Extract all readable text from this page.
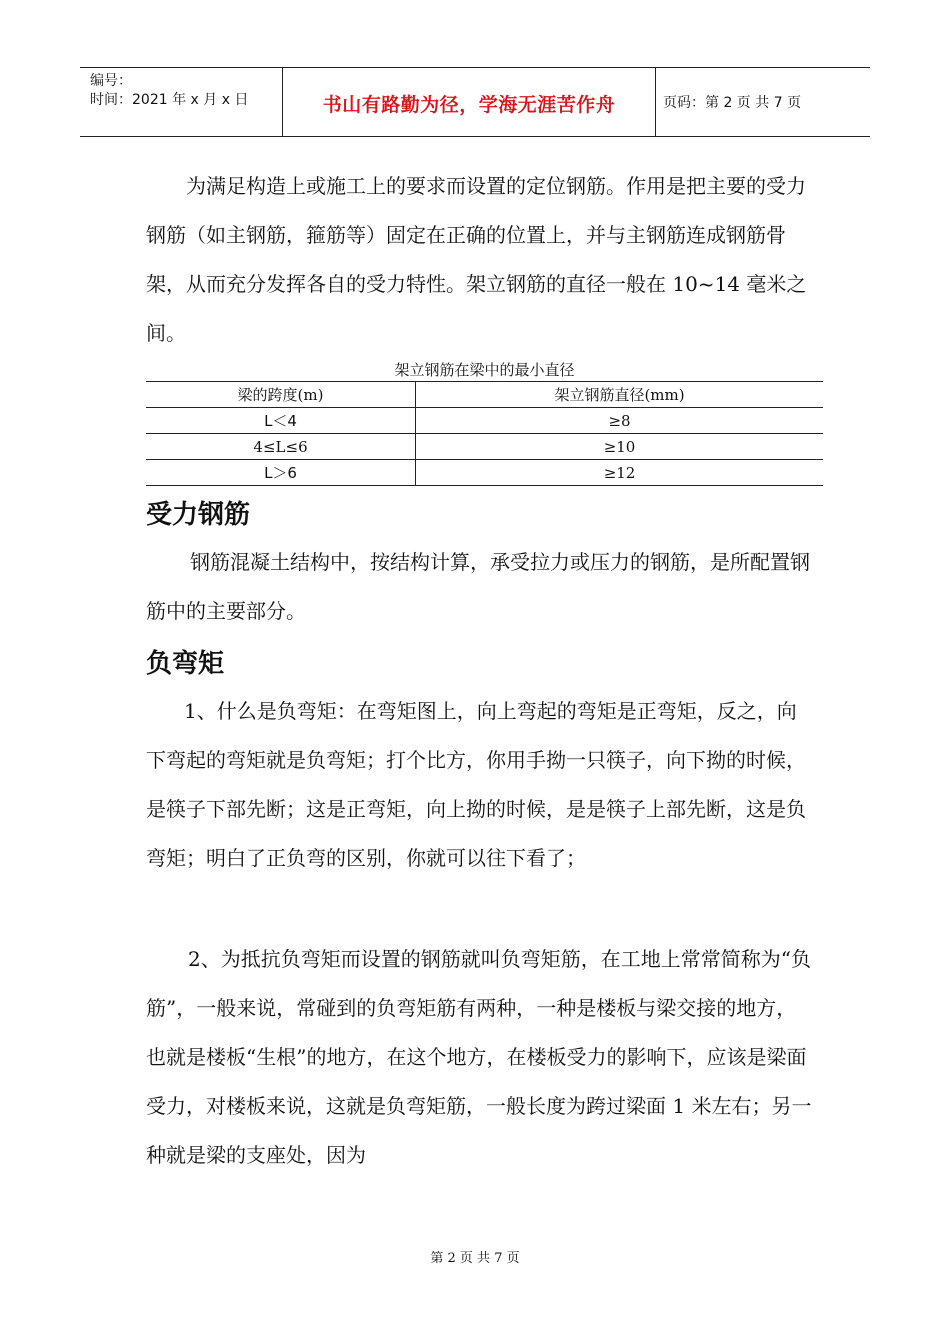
编号：
时间：2021 年 x 月 x 日	书山有路勤为径，学海无涯苦作舟	页码：第 2 页 共 7 页

为满足构造上或施工上的要求而设置的定位钢筋。作用是把主要的受力钢筋（如主钢筋，箍筋等）固定在正确的位置上，并与主钢筋连成钢筋骨架，从而充分发挥各自的受力特性。架立钢筋的直径一般在 10~14 毫米之间。

架立钢筋在梁中的最小直径
梁的跨度(m)	架立钢筋直径(mm)
L＜4	≥8
4≤L≤6	≥10
L＞6	≥12
受力钢筋

钢筋混凝土结构中，按结构计算，承受拉力或压力的钢筋，是所配置钢筋中的主要部分。

负弯矩

1、什么是负弯矩：在弯矩图上，向上弯起的弯矩是正弯矩，反之，向下弯起的弯矩就是负弯矩；打个比方，你用手拗一只筷子，向下拗的时候，是筷子下部先断；这是正弯矩，向上拗的时候，是是筷子上部先断，这是负弯矩；明白了正负弯的区别，你就可以往下看了；

2、为抵抗负弯矩而设置的钢筋就叫负弯矩筋，在工地上常常简称为“负筋”，一般来说，常碰到的负弯矩筋有两种，一种是楼板与梁交接的地方，也就是楼板“生根”的地方，在这个地方，在楼板受力的影响下，应该是梁面受力，对楼板来说，这就是负弯矩筋，一般长度为跨过梁面 1 米左右；另一种就是梁的支座处，因为

第 2 页 共 7 页
